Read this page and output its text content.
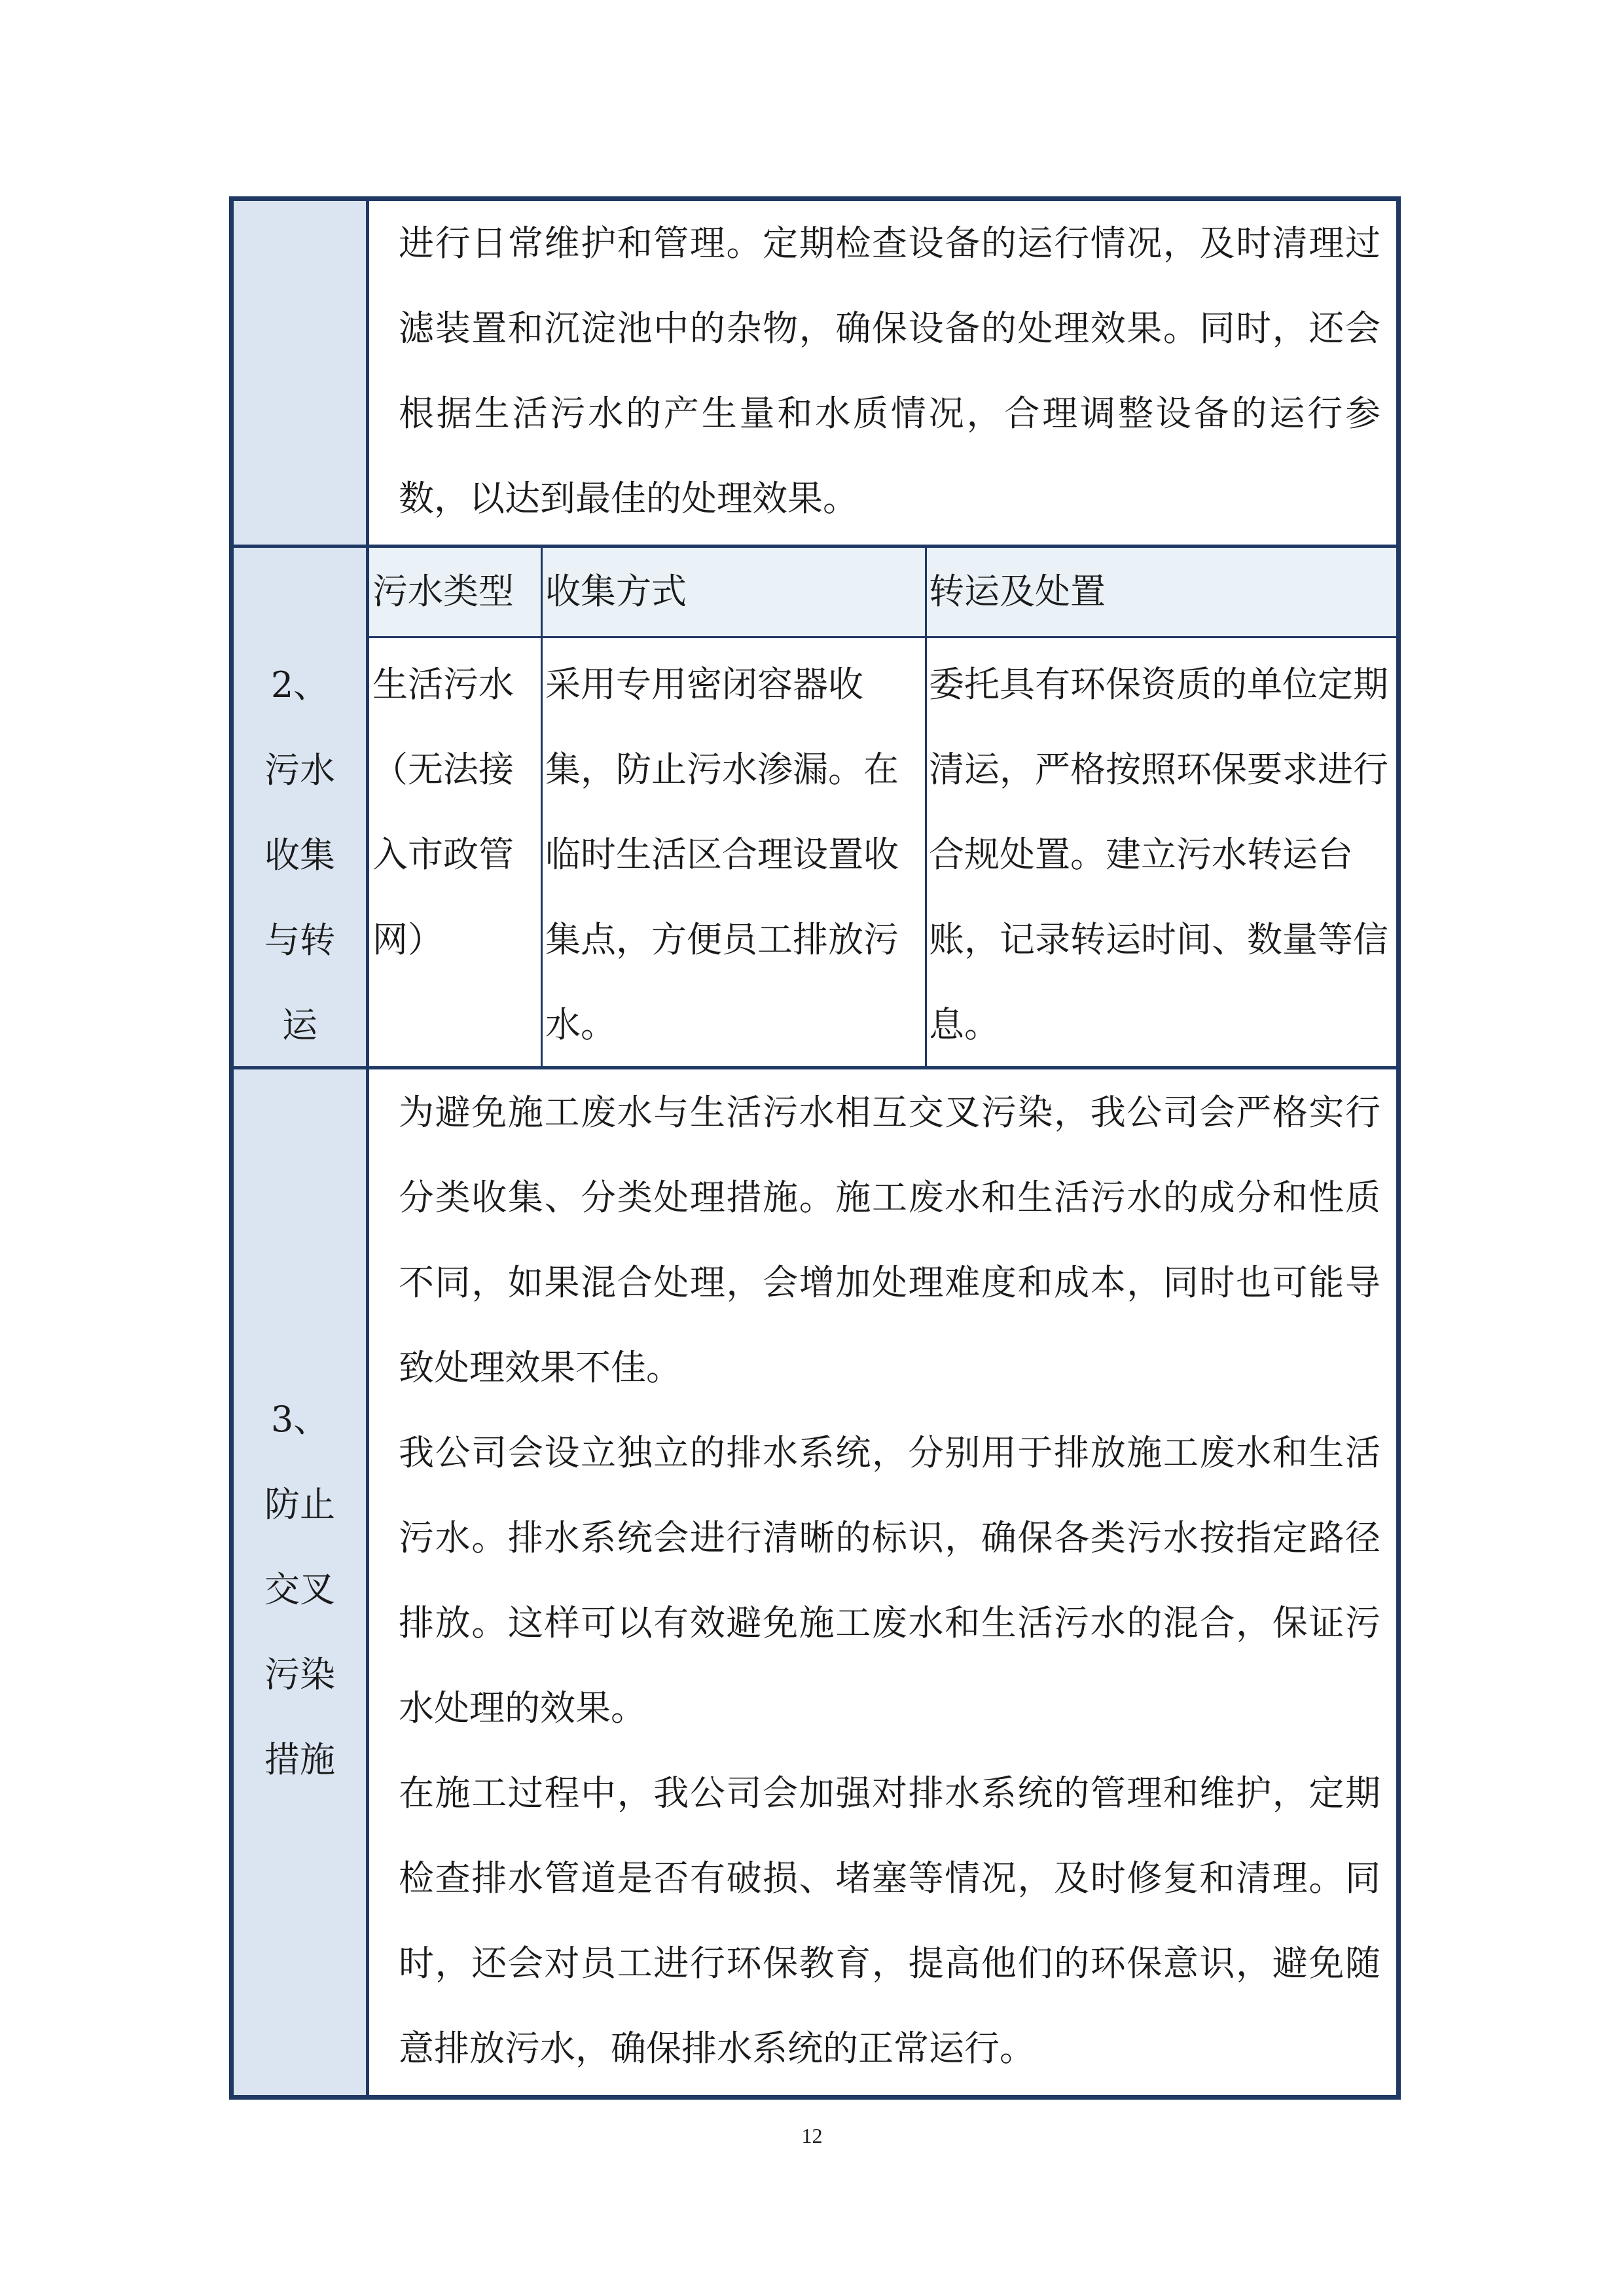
进行日常维护和管理。定期检查设备的运行情况，及时清理过滤装置和沉淀池中的杂物，确保设备的处理效果。同时，还会根据生活污水的产生量和水质情况，合理调整设备的运行参数，以达到最佳的处理效果。

污水类型 收集方式	转运及处置

生活污水（无法接入市政管网）

采用专用密闭容器收集，防止污水渗漏。在临时生活区合理设置收集点，方便员工排放污水。

委托具有环保资质的单位定期清运，严格按照环保要求进行合规处置。建立污水转运台账，记录转运时间、数量等信息。

2、污水收集与转运
3、防止交叉污染措施

为避免施工废水与生活污水相互交叉污染，我公司会严格实行分类收集、分类处理措施。施工废水和生活污水的成分和性质不同，如果混合处理，会增加处理难度和成本，同时也可能导致处理效果不佳。

我公司会设立独立的排水系统，分别用于排放施工废水和生活污水。排水系统会进行清晰的标识，确保各类污水按指定路径排放。这样可以有效避免施工废水和生活污水的混合，保证污水处理的效果。

在施工过程中，我公司会加强对排水系统的管理和维护，定期检查排水管道是否有破损、堵塞等情况，及时修复和清理。同时，还会对员工进行环保教育，提高他们的环保意识，避免随意排放污水，确保排水系统的正常运行。

12
